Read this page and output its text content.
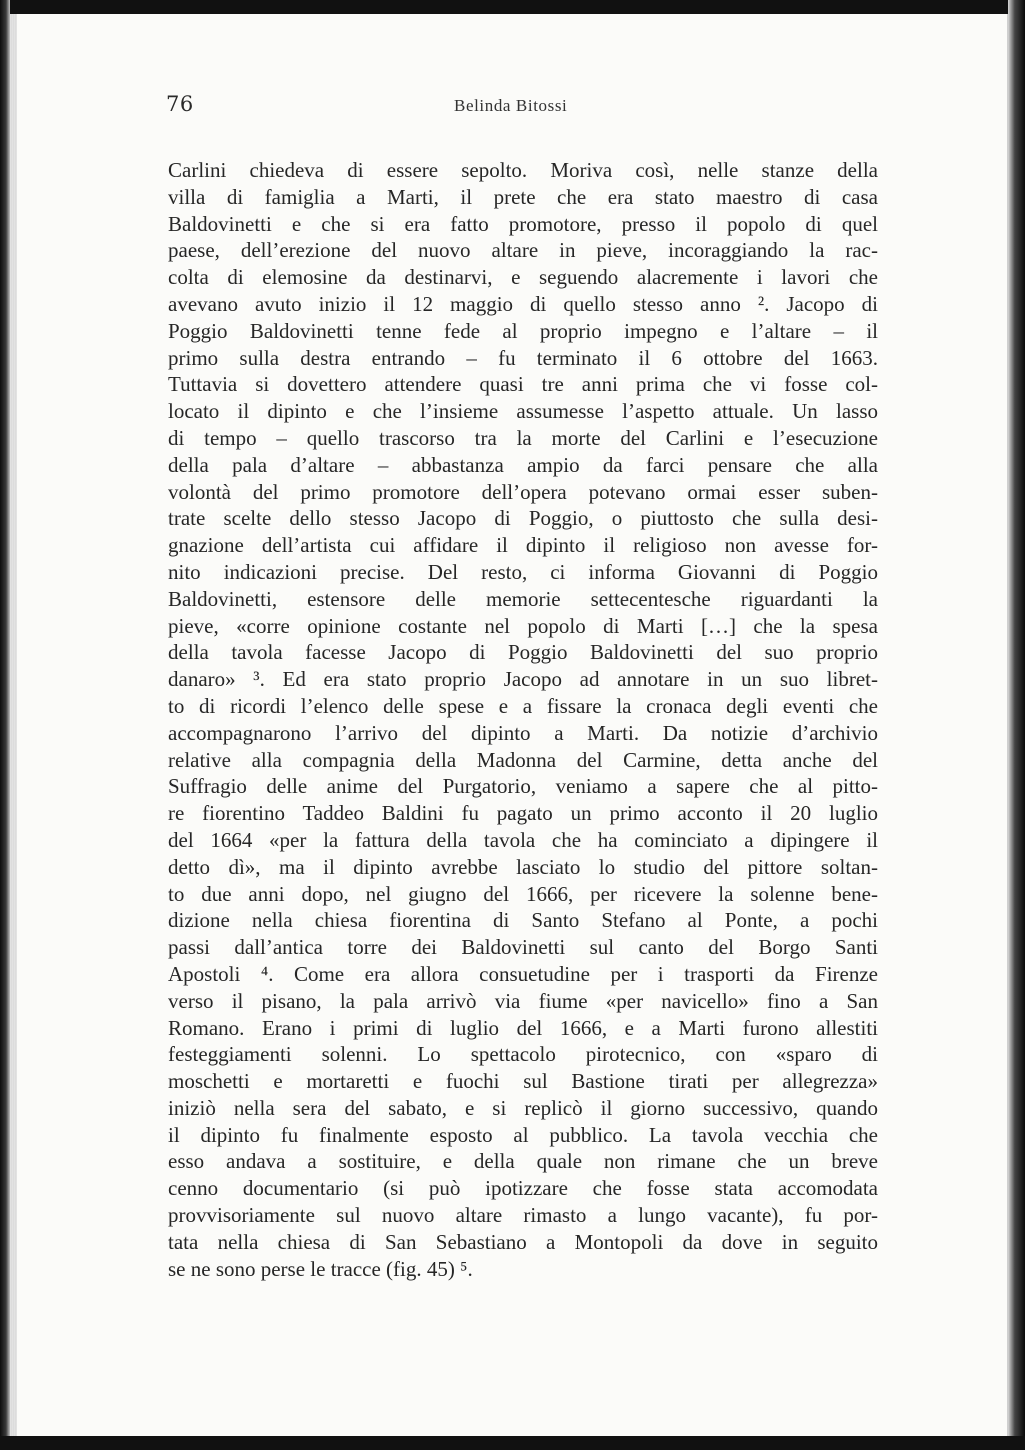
76	Belinda Bitossi

Carlini chiedeva di essere sepolto. Moriva così, nelle stanze della
villa di famiglia a Marti, il prete che era stato maestro di casa
Baldovinetti e che si era fatto promotore, presso il popolo di quel
paese, dell’erezione del nuovo altare in pieve, incoraggiando la rac-
colta di elemosine da destinarvi, e seguendo alacremente i lavori che
avevano avuto inizio il 12 maggio di quello stesso anno ². Jacopo di
Poggio Baldovinetti tenne fede al proprio impegno e l’altare – il
primo sulla destra entrando – fu terminato il 6 ottobre del 1663.
Tuttavia si dovettero attendere quasi tre anni prima che vi fosse col-
locato il dipinto e che l’insieme assumesse l’aspetto attuale. Un lasso
di tempo – quello trascorso tra la morte del Carlini e l’esecuzione
della pala d’altare – abbastanza ampio da farci pensare che alla
volontà del primo promotore dell’opera potevano ormai esser suben-
trate scelte dello stesso Jacopo di Poggio, o piuttosto che sulla desi-
gnazione dell’artista cui affidare il dipinto il religioso non avesse for-
nito indicazioni precise. Del resto, ci informa Giovanni di Poggio
Baldovinetti, estensore delle memorie settecentesche riguardanti la
pieve, «corre opinione costante nel popolo di Marti […] che la spesa
della tavola facesse Jacopo di Poggio Baldovinetti del suo proprio
danaro» ³. Ed era stato proprio Jacopo ad annotare in un suo libret-
to di ricordi l’elenco delle spese e a fissare la cronaca degli eventi che
accompagnarono l’arrivo del dipinto a Marti. Da notizie d’archivio
relative alla compagnia della Madonna del Carmine, detta anche del
Suffragio delle anime del Purgatorio, veniamo a sapere che al pitto-
re fiorentino Taddeo Baldini fu pagato un primo acconto il 20 luglio
del 1664 «per la fattura della tavola che ha cominciato a dipingere il
detto dì», ma il dipinto avrebbe lasciato lo studio del pittore soltan-
to due anni dopo, nel giugno del 1666, per ricevere la solenne bene-
dizione nella chiesa fiorentina di Santo Stefano al Ponte, a pochi
passi dall’antica torre dei Baldovinetti sul canto del Borgo Santi
Apostoli ⁴. Come era allora consuetudine per i trasporti da Firenze
verso il pisano, la pala arrivò via fiume «per navicello» fino a San
Romano. Erano i primi di luglio del 1666, e a Marti furono allestiti
festeggiamenti solenni. Lo spettacolo pirotecnico, con «sparo di
moschetti e mortaretti e fuochi sul Bastione tirati per allegrezza»
iniziò nella sera del sabato, e si replicò il giorno successivo, quando
il dipinto fu finalmente esposto al pubblico. La tavola vecchia che
esso andava a sostituire, e della quale non rimane che un breve
cenno documentario (si può ipotizzare che fosse stata accomodata
provvisoriamente sul nuovo altare rimasto a lungo vacante), fu por-
tata nella chiesa di San Sebastiano a Montopoli da dove in seguito
se ne sono perse le tracce (fig. 45) ⁵.
